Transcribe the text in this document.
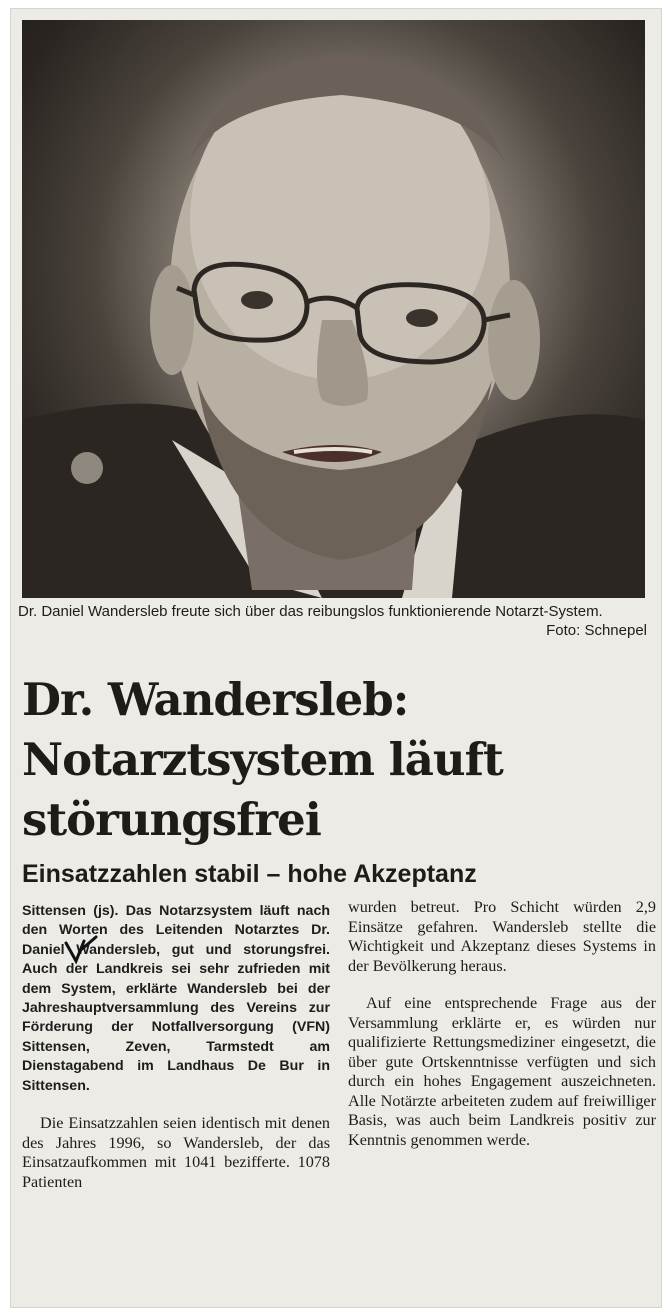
Dr. Daniel Wandersleb freute sich über das reibungslos funktionierende Notarzt-System.
Foto: Schnepel
Dr. Wandersleb:
Notarztsystem läuft
störungsfrei
Einsatzzahlen stabil – hohe Akzeptanz

Sittensen (js). Das Notarzsystem läuft nach den Worten des Leitenden Notarztes Dr. Daniel Wandersleb, gut und storungsfrei. Auch der Landkreis sei sehr zufrieden mit dem System, erklärte Wandersleb bei der Jahreshauptversammlung des Vereins zur Förderung der Notfallversorgung (VFN) Sittensen, Zeven, Tarmstedt am Dienstagabend im Landhaus De Bur in Sittensen.

Die Einsatzzahlen seien identisch mit denen des Jahres 1996, so Wandersleb, der das Einsatzaufkommen mit 1041 bezifferte. 1078 Patienten

wurden betreut. Pro Schicht würden 2,9 Einsätze gefahren. Wandersleb stellte die Wichtigkeit und Akzeptanz dieses Systems in der Bevölkerung heraus.

Auf eine entsprechende Frage aus der Versammlung erklärte er, es würden nur qualifizierte Rettungsmediziner eingesetzt, die über gute Ortskenntnisse verfügten und sich durch ein hohes Engagement auszeichneten. Alle Notärzte arbeiteten zudem auf freiwilliger Basis, was auch beim Landkreis positiv zur Kenntnis genommen werde.
